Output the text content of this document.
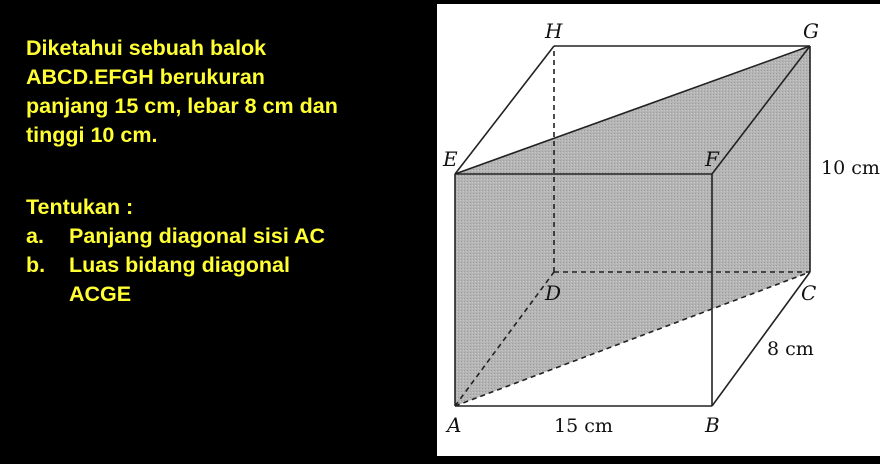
Diketahui sebuah balok
ABCD.EFGH berukuran
panjang 15 cm, lebar 8 cm dan
tinggi 10 cm.
Tentukan :
a.	Panjang diagonal sisi AC
b.	Luas bidang diagonal
ACGE
H	G
E	F
D	C
A	B
15 cm
8 cm
10 cm
